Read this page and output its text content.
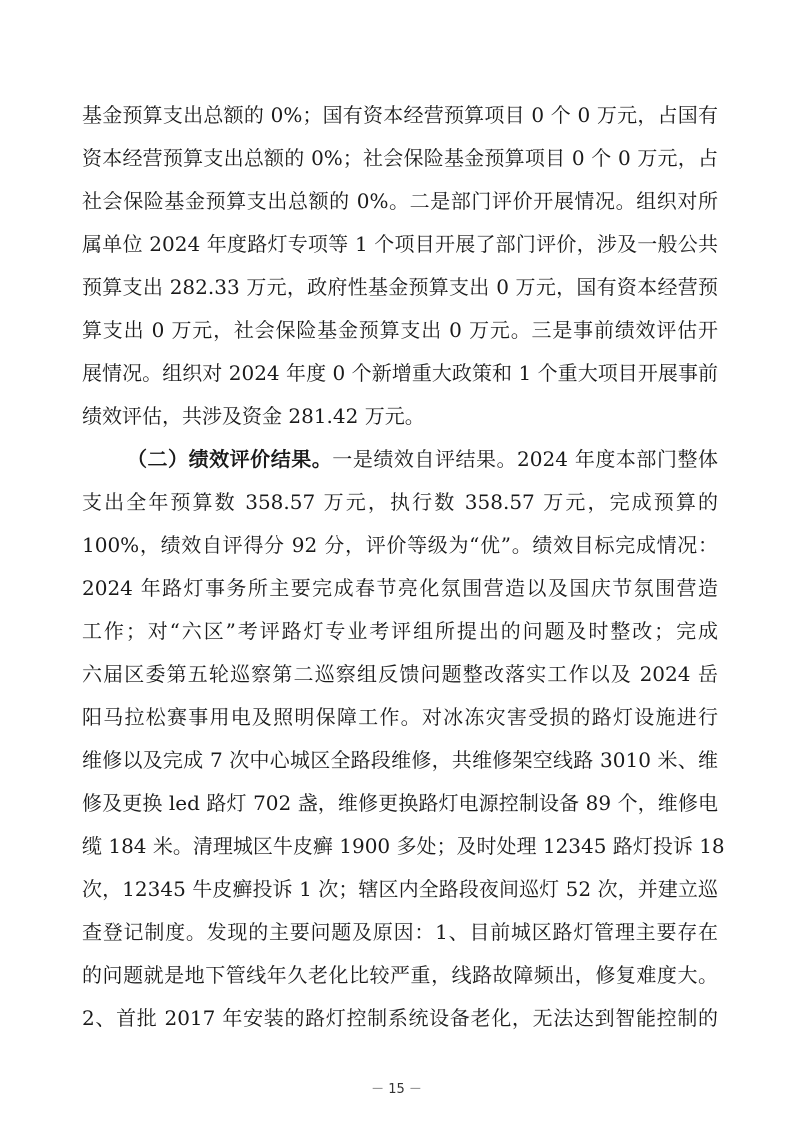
基金预算支出总额的 0%；国有资本经营预算项目 0 个 0 万元，占国有
资本经营预算支出总额的 0%；社会保险基金预算项目 0 个 0 万元，占
社会保险基金预算支出总额的 0%。二是部门评价开展情况。组织对所
属单位 2024 年度路灯专项等 1 个项目开展了部门评价，涉及一般公共
预算支出 282.33 万元，政府性基金预算支出 0 万元，国有资本经营预
算支出 0 万元，社会保险基金预算支出 0 万元。三是事前绩效评估开
展情况。组织对 2024 年度 0 个新增重大政策和 1 个重大项目开展事前
绩效评估，共涉及资金 281.42 万元。
（二）绩效评价结果。一是绩效自评结果。2024 年度本部门整体
支出全年预算数 358.57 万元，执行数 358.57 万元，完成预算的
100%，绩效自评得分 92 分，评价等级为“优”。绩效目标完成情况：
2024 年路灯事务所主要完成春节亮化氛围营造以及国庆节氛围营造
工作；对“六区”考评路灯专业考评组所提出的问题及时整改；完成
六届区委第五轮巡察第二巡察组反馈问题整改落实工作以及 2024 岳
阳马拉松赛事用电及照明保障工作。对冰冻灾害受损的路灯设施进行
维修以及完成 7 次中心城区全路段维修，共维修架空线路 3010 米、维
修及更换 led 路灯 702 盏，维修更换路灯电源控制设备 89 个，维修电
缆 184 米。清理城区牛皮癣 1900 多处；及时处理 12345 路灯投诉 18
次，12345 牛皮癣投诉 1 次；辖区内全路段夜间巡灯 52 次，并建立巡
查登记制度。发现的主要问题及原因：1、目前城区路灯管理主要存在
的问题就是地下管线年久老化比较严重，线路故障频出，修复难度大。
2、首批 2017 年安装的路灯控制系统设备老化，无法达到智能控制的
－ 15 －
